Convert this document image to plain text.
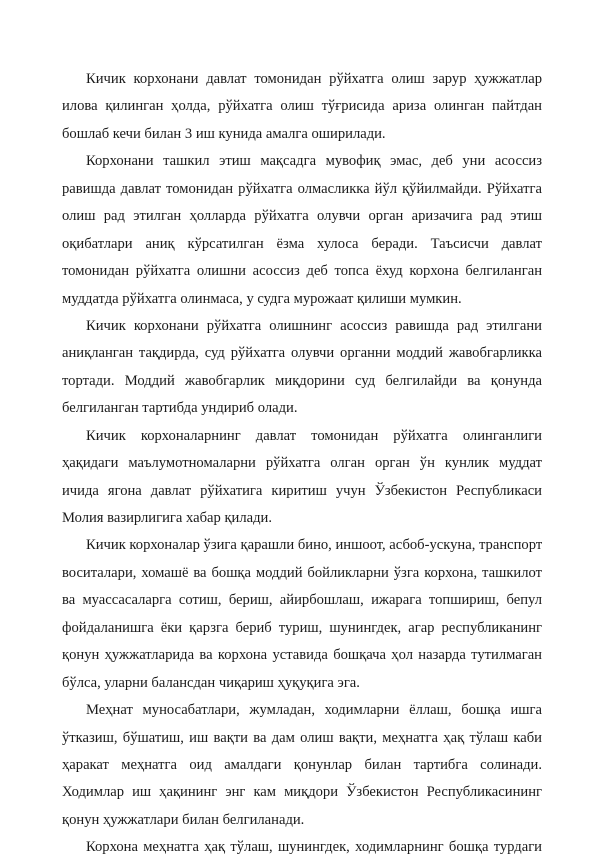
Кичик корхонани давлат томонидан рўйхатга олиш зарур ҳужжатлар
илова қилинган ҳолда, рўйхатга олиш тўғрисида ариза олинган пайтдан
бошлаб кечи билан 3 иш кунида амалга оширилади.
Корхонани ташкил этиш мақсадга мувофиқ эмас, деб уни асоссиз
равишда давлат томонидан рўйхатга олмасликка йўл қўйилмайди. Рўйхатга
олиш рад этилган ҳолларда рўйхатга олувчи орган аризачига рад этиш
оқибатлари аниқ кўрсатилган ёзма хулоса беради. Таъсисчи давлат
томонидан рўйхатга олишни асоссиз деб топса ёхуд корхона белгиланган
муддатда рўйхатга олинмаса, у судга мурожаат қилиши мумкин.
Кичик корхонани рўйхатга олишнинг асоссиз равишда рад этилгани
аниқланган тақдирда, суд рўйхатга олувчи органни моддий жавобгарликка
тортади. Моддий жавобгарлик миқдорини суд белгилайди ва қонунда
белгиланган тартибда ундириб олади.
Кичик корхоналарнинг давлат томонидан рўйхатга олинганлиги
ҳақидаги маълумотномаларни рўйхатга олган орган ўн кунлик муддат
ичида ягона давлат рўйхатига киритиш учун Ўзбекистон Республикаси
Молия вазирлигига хабар қилади.
Кичик корхоналар ўзига қарашли бино, иншоот, асбоб-ускуна, транспорт
воситалари, хомашё ва бошқа моддий бойликларни ўзга корхона, ташкилот
ва муассасаларга сотиш, бериш, айирбошлаш, ижарага топшириш, бепул
фойдаланишга ёки қарзга бериб туриш, шунингдек, агар республиканинг
қонун ҳужжатларида ва корхона уставида бошқача ҳол назарда тутилмаган
бўлса, уларни балансдан чиқариш ҳуқуқига эга.
Меҳнат муносабатлари, жумладан, ходимларни ёллаш, бошқа ишга
ўтказиш, бўшатиш, иш вақти ва дам олиш вақти, меҳнатга ҳақ тўлаш каби
ҳаракат меҳнатга оид амалдаги қонунлар билан тартибга солинади.
Ходимлар иш ҳақининг энг кам миқдори Ўзбекистон Республикасининг
қонун ҳужжатлари билан белгиланади.
Корхона меҳнатга ҳақ тўлаш, шунингдек, ходимларнинг бошқа турдаги
